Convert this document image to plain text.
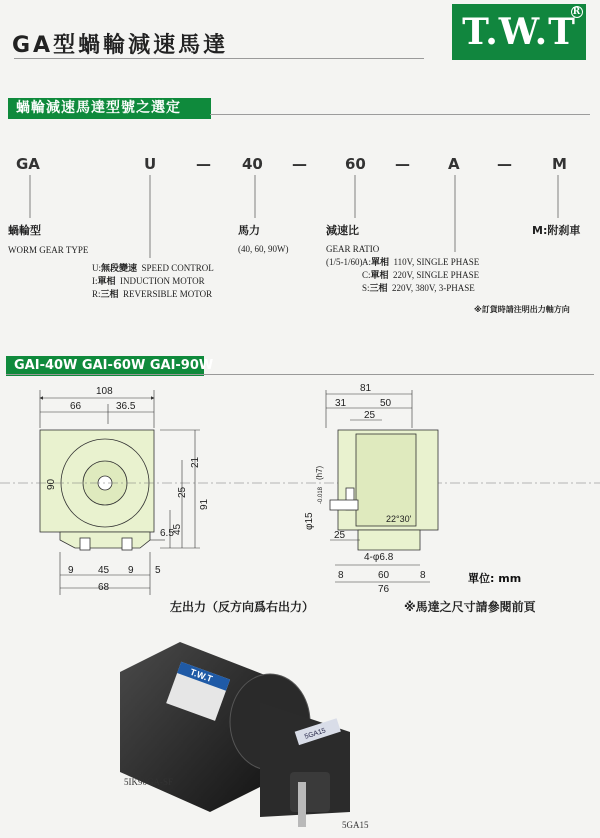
GA型蝸輪減速馬達	T.W.T
R
蝸輪減速馬達型號之選定
GA	U	— 40 —	60 —	A —	M
蝸輪型
WORM GEAR TYPE
馬力
(40, 60, 90W)
減速比
GEAR RATIO
(1/5-1/60)
M:附刹車
U:無段變速 SPEED CONTROL
I:單相 INDUCTION MOTOR
R:三相 REVERSIBLE MOTOR
A:單相 110V, SINGLE PHASE
C:單相 220V, SINGLE PHASE
S:三相 220V, 380V, 3-PHASE
※訂貨時請注明出力軸方向
GAI-40W GAI-60W GAI-90W
108
66	36.5
90
21
25
91
45
6.5
9 45 9 5
68
81
31	50
25
φ15
-0.018
(h7)
22°30'
25
4-φ6.8
8	60	8
76
單位: mm
左出力（反方向爲右出力）	※馬達之尺寸請參閱前頁
T.W.T
5GA15
5IK90GA-SF
5GA15
